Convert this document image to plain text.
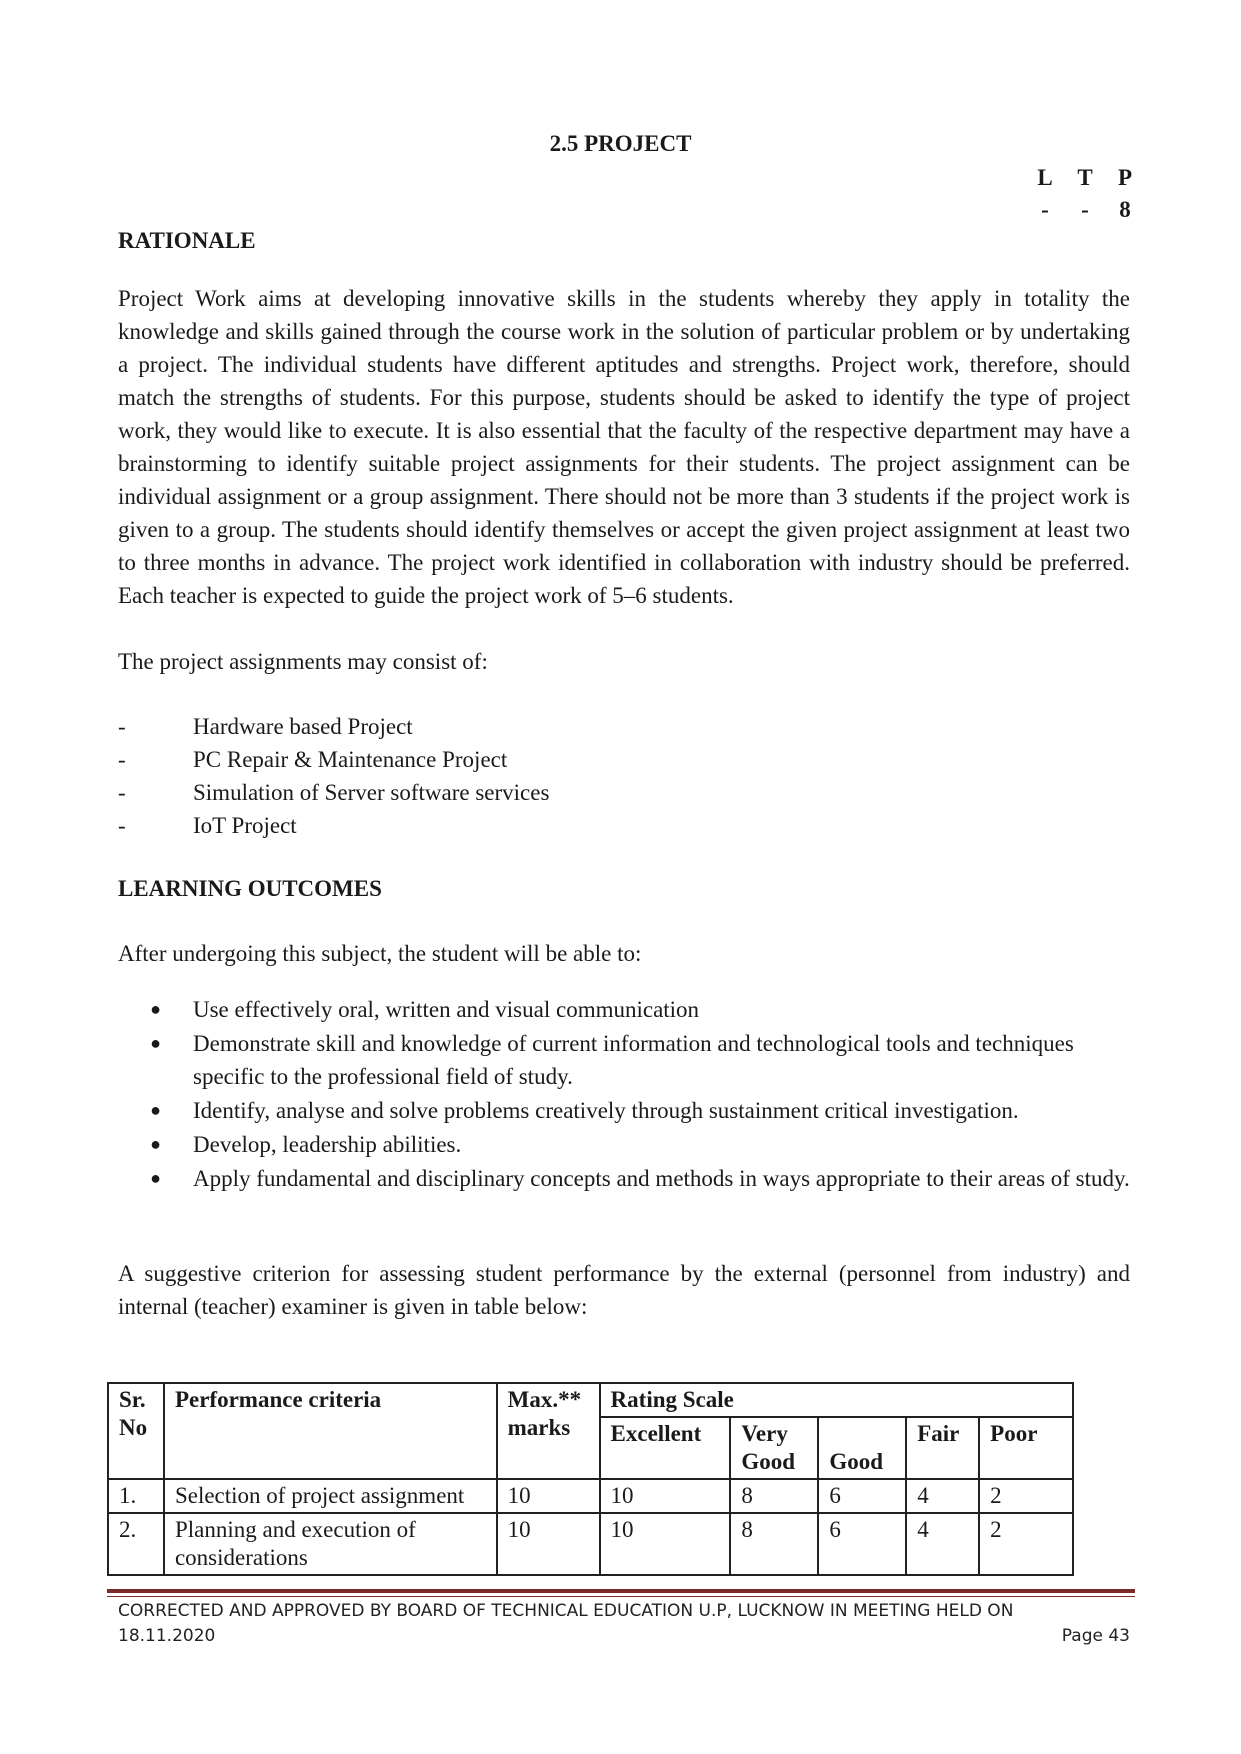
2.5 PROJECT
L	T	P
-	-	8
RATIONALE
Project Work aims at developing innovative skills in the students whereby they apply in totality the knowledge and skills gained through the course work in the solution of particular problem or by undertaking a project. The individual students have different aptitudes and strengths. Project work, therefore, should match the strengths of students. For this purpose, students should be asked to identify the type of project work, they would like to execute. It is also essential that the faculty of the respective department may have a brainstorming to identify suitable project assignments for their students. The project assignment can be individual assignment or a group assignment. There should not be more than 3 students if the project work is given to a group. The students should identify themselves or accept the given project assignment at least two to three months in advance. The project work identified in collaboration with industry should be preferred. Each teacher is expected to guide the project work of 5–6 students.
The project assignments may consist of:
-	Hardware based Project
-	PC Repair & Maintenance Project
-	Simulation of Server software services
-	IoT Project
LEARNING OUTCOMES
After undergoing this subject, the student will be able to:
●	Use effectively oral, written and visual communication
●	Demonstrate skill and knowledge of current information and technological tools and techniques specific to the professional field of study.
●	Identify, analyse and solve problems creatively through sustainment critical investigation.
●	Develop, leadership abilities.
●	Apply fundamental and disciplinary concepts and methods in ways appropriate to their areas of study.
A suggestive criterion for assessing student performance by the external (personnel from industry) and internal (teacher) examiner is given in table below:
Sr. No	Performance criteria	Max.** marks	Rating Scale				
			Excellent	Very Good	Good	Fair	Poor
1.	Selection of project assignment	10	10	8	6	4	2
2.	Planning and execution of considerations	10	10	8	6	4	2
CORRECTED AND APPROVED BY BOARD OF TECHNICAL EDUCATION U.P, LUCKNOW IN MEETING HELD ON
18.11.2020	Page 43
